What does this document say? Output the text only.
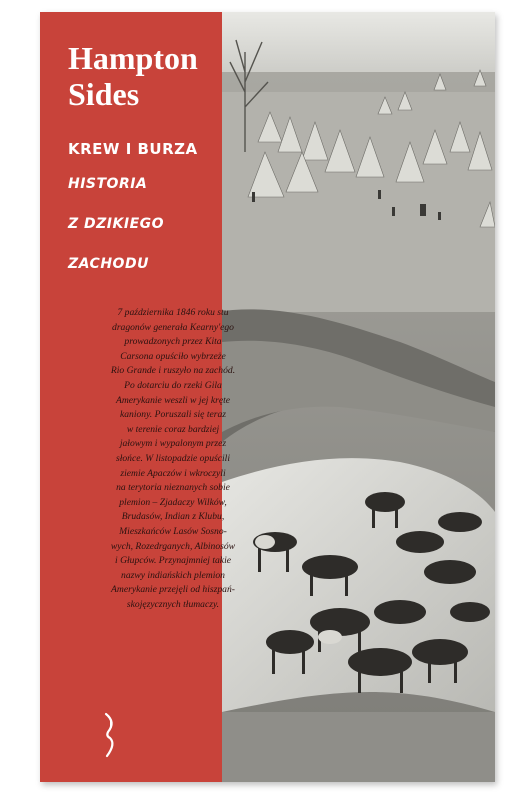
Hampton
Sides
KREW I BURZA
HISTORIA
Z DZIKIEGO
ZACHODU

7 października 1846 roku stu
dragonów generała Kearny'ego
prowadzonych przez Kita
Carsona opuściło wybrzeże
Rio Grande i ruszyło na zachód.
Po dotarciu do rzeki Gila
Amerykanie weszli w jej kręte
kaniony. Poruszali się teraz
w terenie coraz bardziej
jałowym i wypalonym przez
słońce. W listopadzie opuścili
ziemie Apaczów i wkroczyli
na terytoria nieznanych sobie
plemion – Zjadaczy Wilków,
Brudasów, Indian z Klubu,
Mieszkańców Lasów Sosno-
wych, Rozedrganych, Albinosów
i Głupców. Przynajmniej takie
nazwy indiańskich plemion
Amerykanie przejęli od hiszpań-
skojęzycznych tłumaczy.
